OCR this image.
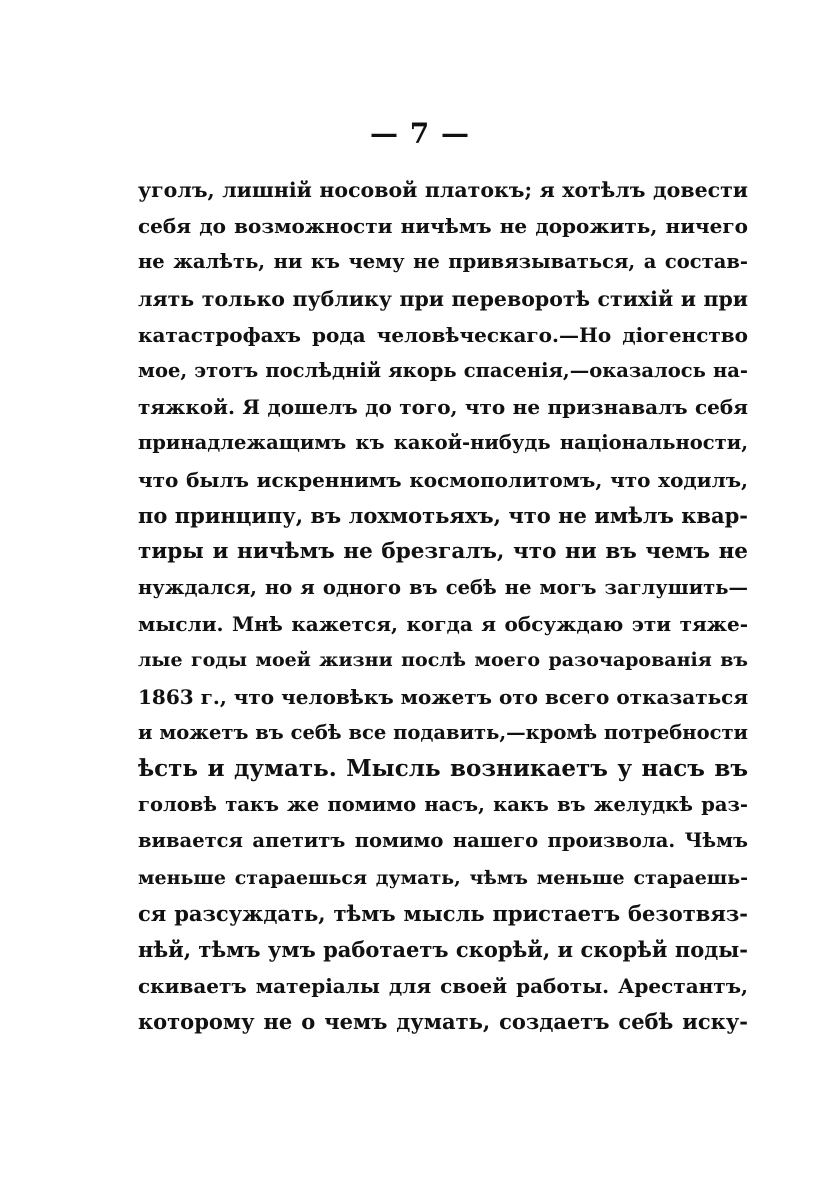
— 7 —
уголъ, лишній носовой платокъ; я хотѣлъ довести
себя до возможности ничѣмъ не дорожить, ничего
не жалѣть, ни къ чему не привязываться, а состав-
лять только публику при переворотѣ стихій и при
катастрофахъ рода человѣческаго.—Но діогенство
мое, этотъ послѣдній якорь спасенія,—оказалось на-
тяжкой. Я дошелъ до того, что не признавалъ себя
принадлежащимъ къ какой-нибудь національности,
что былъ искреннимъ космополитомъ, что ходилъ,
по принципу, въ лохмотьяхъ, что не имѣлъ квар-
тиры и ничѣмъ не брезгалъ, что ни въ чемъ не
нуждался, но я одного въ себѣ не могъ заглушить—
мысли. Мнѣ кажется, когда я обсуждаю эти тяже-
лые годы моей жизни послѣ моего разочарованія въ
1863 г., что человѣкъ можетъ ото всего отказаться
и можетъ въ себѣ все подавить,—кромѣ потребности
ѣсть и думать. Мысль возникаетъ у насъ въ
головѣ такъ же помимо насъ, какъ въ желудкѣ раз-
вивается апетитъ помимо нашего произвола. Чѣмъ
меньше стараешься думать, чѣмъ меньше стараешь-
ся разсуждать, тѣмъ мысль пристаетъ безотвяз-
нѣй, тѣмъ умъ работаетъ скорѣй, и скорѣй поды-
скиваетъ матеріалы для своей работы. Арестантъ,
которому не о чемъ думать, создаетъ себѣ иску-
